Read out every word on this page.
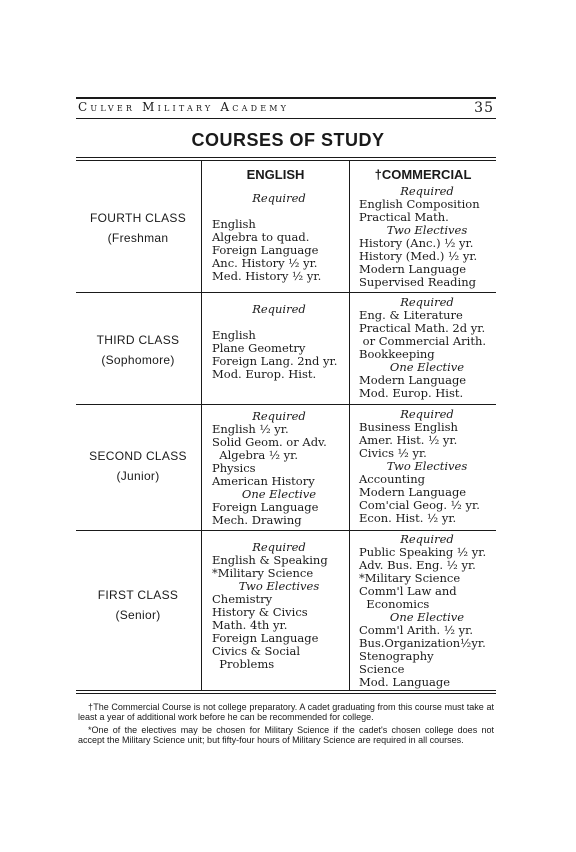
Culver Military Academy	35
COURSES OF STUDY
ENGLISH	†COMMERCIAL
FOURTH CLASS
(Freshman
THIRD CLASS
(Sophomore)
SECOND CLASS
(Junior)
FIRST CLASS
(Senior)
Required

English
Algebra to quad.
Foreign Language
Anc. History ½ yr.
Med. History ½ yr.
Required
English Composition
Practical Math.
Two Electives
History (Anc.) ½ yr.
History (Med.) ½ yr.
Modern Language
Supervised Reading
Required

English
Plane Geometry
Foreign Lang. 2nd yr.
Mod. Europ. Hist.
Required
Eng. & Literature
Practical Math. 2d yr.
or Commercial Arith.
Bookkeeping
One Elective
Modern Language
Mod. Europ. Hist.
Required
English ½ yr.
Solid Geom. or Adv.
Algebra ½ yr.
Physics
American History
One Elective
Foreign Language
Mech. Drawing
Required
Business English
Amer. Hist. ½ yr.
Civics ½ yr.
Two Electives
Accounting
Modern Language
Com'cial Geog. ½ yr.
Econ. Hist. ½ yr.
Required
English & Speaking
*Military Science
Two Electives
Chemistry
History & Civics
Math. 4th yr.
Foreign Language
Civics & Social
Problems
Required
Public Speaking ½ yr.
Adv. Bus. Eng. ½ yr.
*Military Science
Comm'l Law and
Economics
One Elective
Comm'l Arith. ½ yr.
Bus.Organization½yr.
Stenography
Science
Mod. Language

†The Commercial Course is not college preparatory. A cadet graduating from this course must take at least a year of additional work before he can be recommended for college.

*One of the electives may be chosen for Military Science if the cadet's chosen college does not accept the Military Science unit; but fifty-four hours of Military Science are required in all courses.
